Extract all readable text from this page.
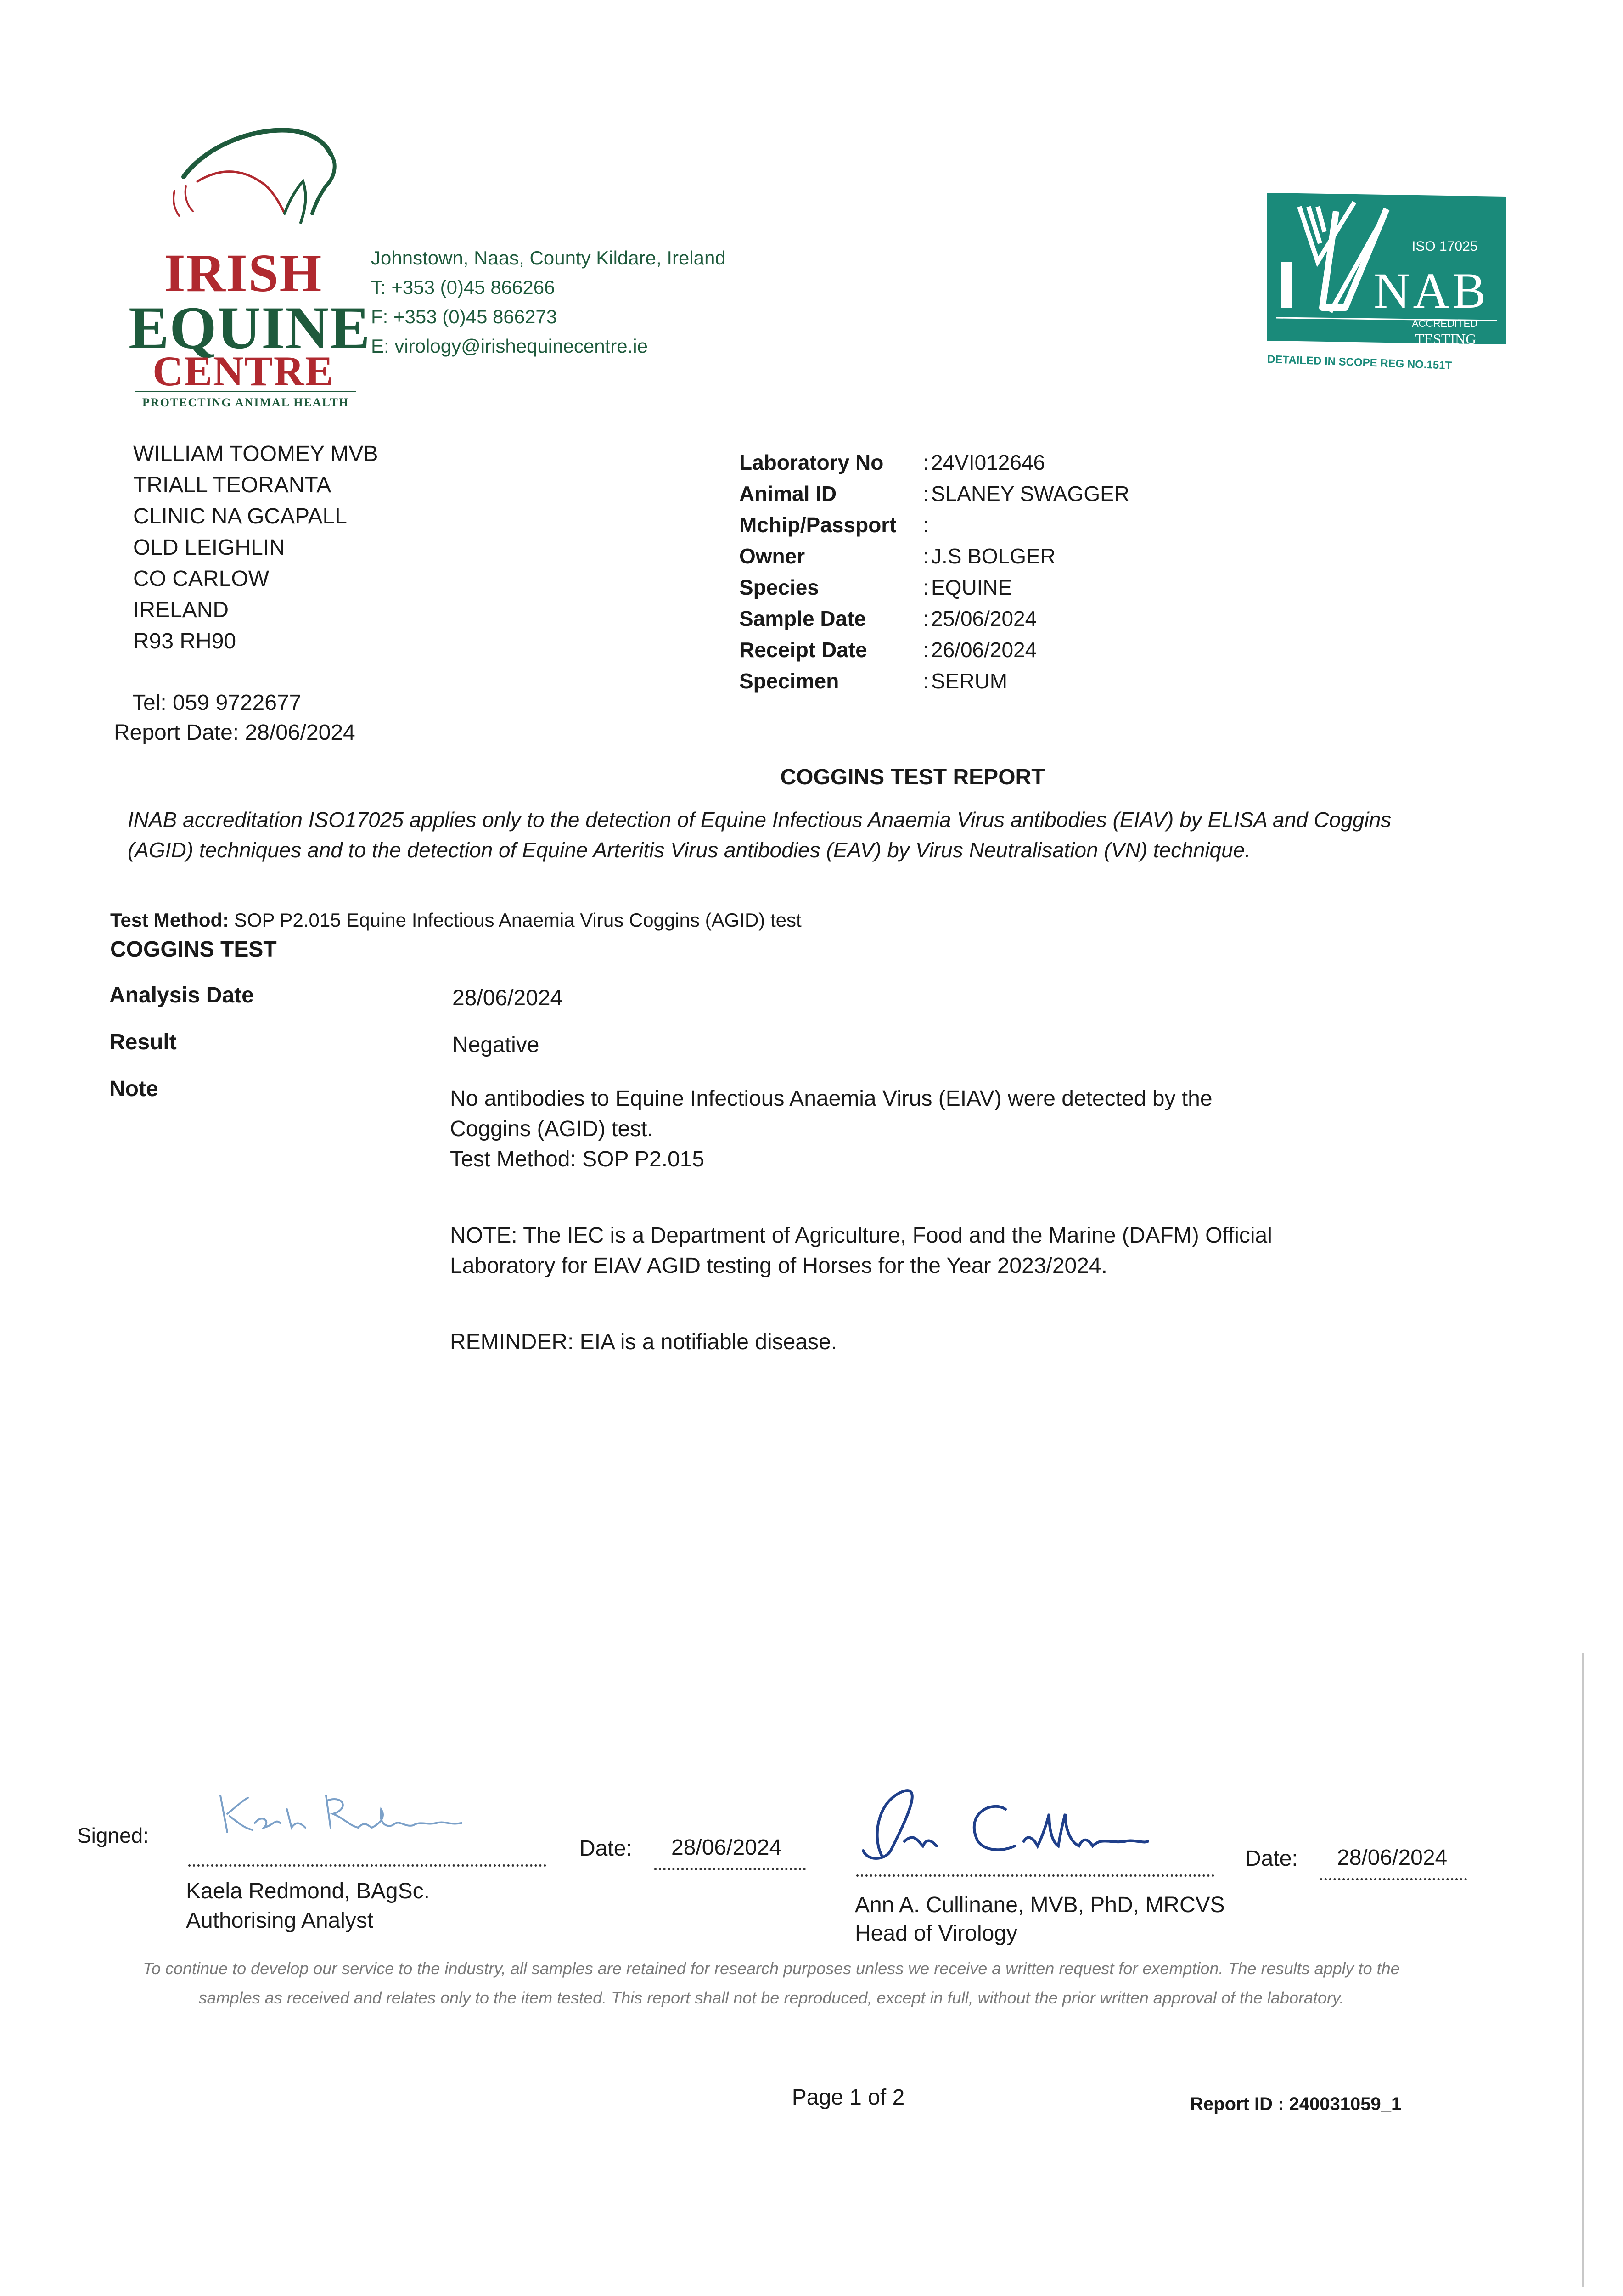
IRISH
EQUINE
CENTRE
PROTECTING ANIMAL HEALTH
Johnstown, Naas, County Kildare, Ireland
T: +353 (0)45 866266
F: +353 (0)45 866273
E: virology@irishequinecentre.ie
ISO 17025
NAB
ACCREDITED
TESTING
DETAILED IN SCOPE REG NO.151T
WILLIAM TOOMEY MVB
TRIALL TEORANTA
CLINIC NA GCAPALL
OLD LEIGHLIN
CO CARLOW
IRELAND
R93 RH90
Tel: 059 9722677
Report Date: 28/06/2024
Laboratory No : 24VI012646
Animal ID	: SLANEY SWAGGER
Mchip/Passport :
Owner	: J.S BOLGER
Species	: EQUINE
Sample Date	: 25/06/2024
Receipt Date	: 26/06/2024
Specimen	: SERUM
COGGINS TEST REPORT
INAB accreditation ISO17025 applies only to the detection of Equine Infectious Anaemia Virus antibodies (EIAV) by ELISA and Coggins (AGID) techniques and to the detection of Equine Arteritis Virus antibodies (EAV) by Virus Neutralisation (VN) technique.
Test Method: SOP P2.015 Equine Infectious Anaemia Virus Coggins (AGID) test
COGGINS TEST
Analysis Date	28/06/2024
Result	Negative
Note	No antibodies to Equine Infectious Anaemia Virus (EIAV) were detected by the Coggins (AGID) test.

Test Method: SOP P2.015

NOTE: The IEC is a Department of Agriculture, Food and the Marine (DAFM) Official Laboratory for EIAV AGID testing of Horses for the Year 2023/2024.

REMINDER: EIA is a notifiable disease.

Signed:
Kaela Redmond, BAgSc.
Authorising Analyst
Date: 28/06/2024
Ann A. Cullinane, MVB, PhD, MRCVS
Head of Virology
Date: 28/06/2024
To continue to develop our service to the industry, all samples are retained for research purposes unless we receive a written request for exemption. The results apply to the samples as received and relates only to the item tested. This report shall not be reproduced, except in full, without the prior written approval of the laboratory.
Page 1 of 2	Report ID : 240031059_1
